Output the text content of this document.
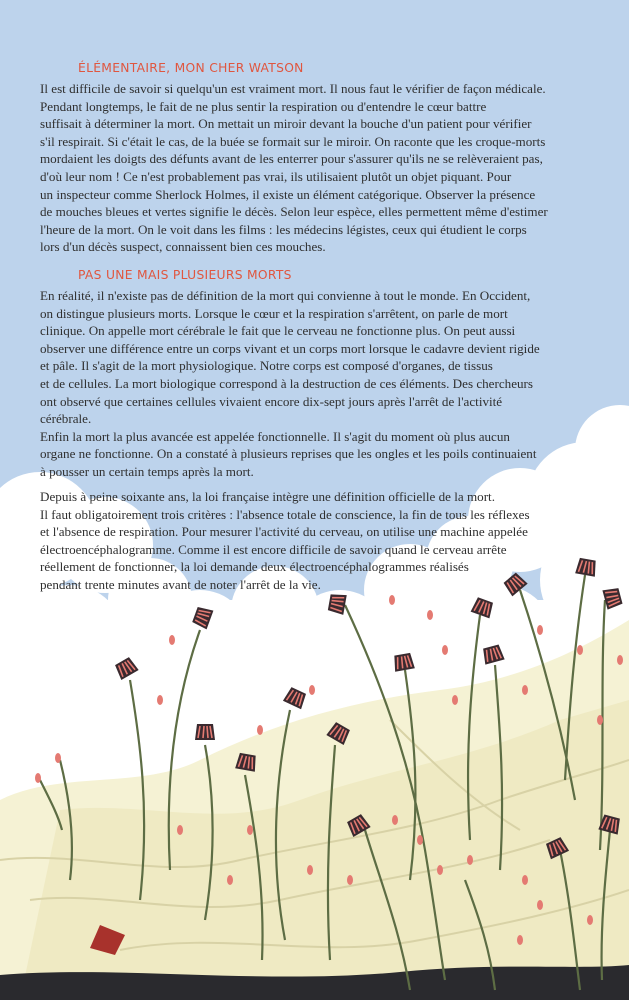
ÉLÉMENTAIRE, MON CHER WATSON

Il est difficile de savoir si quelqu'un est vraiment mort. Il nous faut le vérifier de façon médicale.
Pendant longtemps, le fait de ne plus sentir la respiration ou d'entendre le cœur battre
suffisait à déterminer la mort. On mettait un miroir devant la bouche d'un patient pour vérifier
s'il respirait. Si c'était le cas, de la buée se formait sur le miroir. On raconte que les croque-morts
mordaient les doigts des défunts avant de les enterrer pour s'assurer qu'ils ne se relèveraient pas,
d'où leur nom ! Ce n'est probablement pas vrai, ils utilisaient plutôt un objet piquant. Pour
un inspecteur comme Sherlock Holmes, il existe un élément catégorique. Observer la présence
de mouches bleues et vertes signifie le décès. Selon leur espèce, elles permettent même d'estimer
l'heure de la mort. On le voit dans les films : les médecins légistes, ceux qui étudient le corps
lors d'un décès suspect, connaissent bien ces mouches.

PAS UNE MAIS PLUSIEURS MORTS

En réalité, il n'existe pas de définition de la mort qui convienne à tout le monde. En Occident,
on distingue plusieurs morts. Lorsque le cœur et la respiration s'arrêtent, on parle de mort
clinique. On appelle mort cérébrale le fait que le cerveau ne fonctionne plus. On peut aussi
observer une différence entre un corps vivant et un corps mort lorsque le cadavre devient rigide
et pâle. Il s'agit de la mort physiologique. Notre corps est composé d'organes, de tissus
et de cellules. La mort biologique correspond à la destruction de ces éléments. Des chercheurs
ont observé que certaines cellules vivaient encore dix-sept jours après l'arrêt de l'activité
cérébrale.
Enfin la mort la plus avancée est appelée fonctionnelle. Il s'agit du moment où plus aucun
organe ne fonctionne. On a constaté à plusieurs reprises que les ongles et les poils continuaient
à pousser un certain temps après la mort.

Depuis à peine soixante ans, la loi française intègre une définition officielle de la mort.
Il faut obligatoirement trois critères : l'absence totale de conscience, la fin de tous les réflexes
et l'absence de respiration. Pour mesurer l'activité du cerveau, on utilise une machine appelée
électroencéphalogramme. Comme il est encore difficile de savoir quand le cerveau arrête
réellement de fonctionner, la loi demande deux électroencéphalogrammes réalisés
pendant trente minutes avant de noter l'arrêt de la vie.
